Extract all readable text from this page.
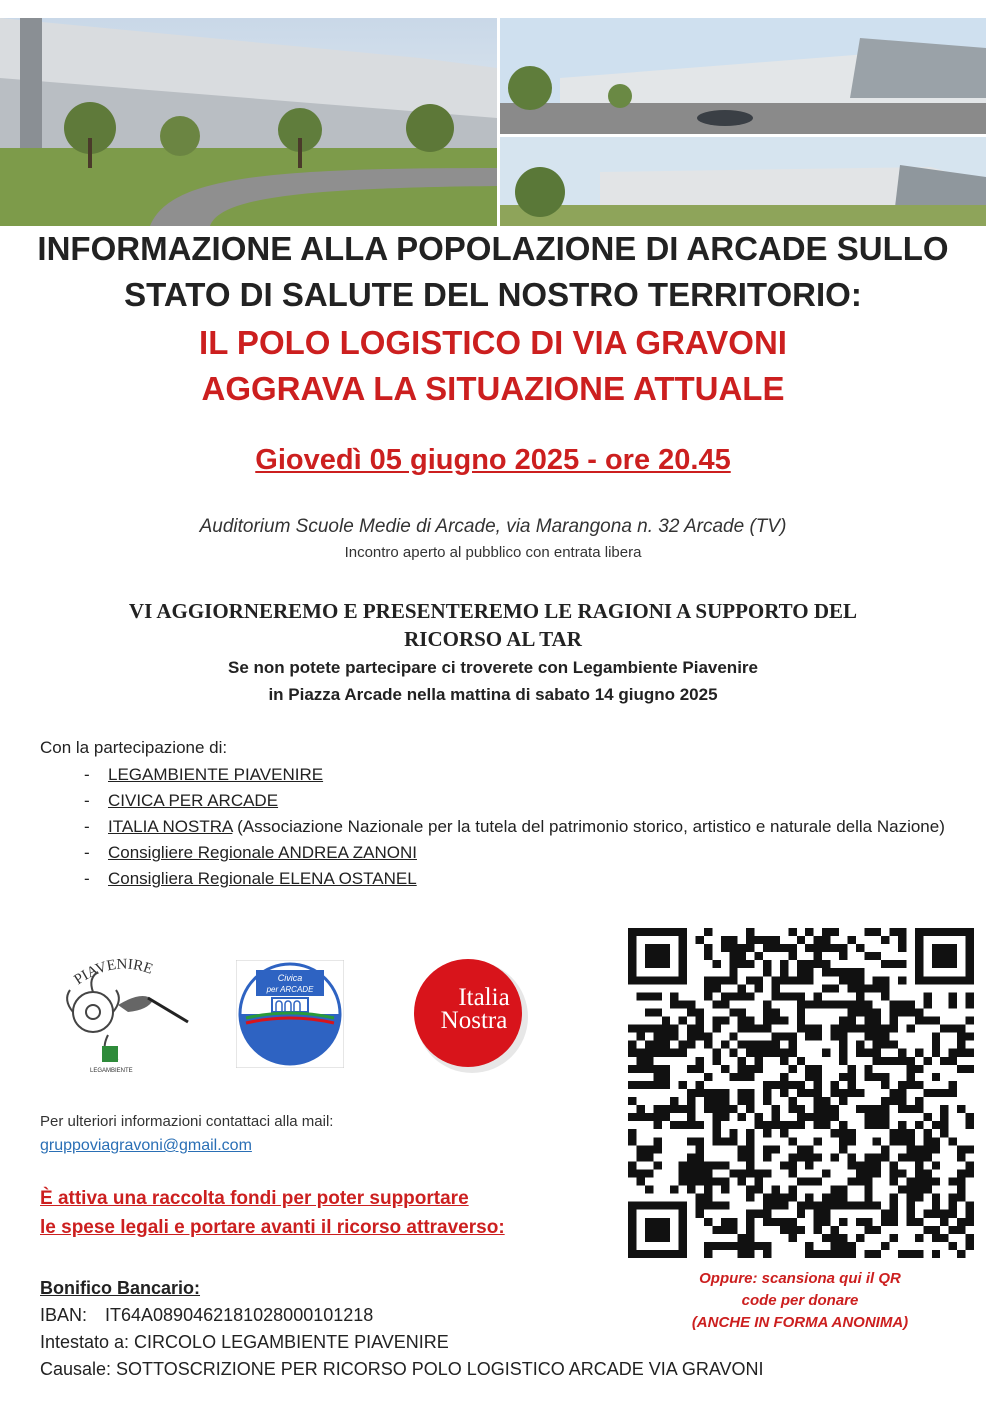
INFORMAZIONE ALLA POPOLAZIONE DI ARCADE SULLO
STATO DI SALUTE DEL NOSTRO TERRITORIO:
IL POLO LOGISTICO DI VIA GRAVONI
AGGRAVA LA SITUAZIONE ATTUALE
Giovedì 05 giugno 2025 - ore 20.45
Auditorium Scuole Medie di Arcade, via Marangona n. 32 Arcade (TV)
Incontro aperto al pubblico con entrata libera
VI AGGIORNEREMO E PRESENTEREMO LE RAGIONI A SUPPORTO DEL
RICORSO AL TAR
Se non potete partecipare ci troverete con Legambiente Piavenire
in Piazza Arcade nella mattina di sabato 14 giugno 2025
Con la partecipazione di:
- LEGAMBIENTE PIAVENIRE
- CIVICA PER ARCADE
- ITALIA NOSTRA (Associazione Nazionale per la tutela del patrimonio storico, artistico e naturale della Nazione)
- Consigliere Regionale ANDREA ZANONI
- Consigliera Regionale ELENA OSTANEL
PIAVENIRE
LEGAMBIENTE
Civica
per ARCADE	Italia
Nostra
Per ulteriori informazioni contattaci alla mail:
gruppoviagravoni@gmail.com
È attiva una raccolta fondi per poter supportare
le spese legali e portare avanti il ricorso attraverso:
Bonifico Bancario:
IBAN: IT64A0890462181028000101218
Intestato a: CIRCOLO LEGAMBIENTE PIAVENIRE
Causale: SOTTOSCRIZIONE PER RICORSO POLO LOGISTICO ARCADE VIA GRAVONI
Oppure: scansiona qui il QR
code per donare
(ANCHE IN FORMA ANONIMA)
